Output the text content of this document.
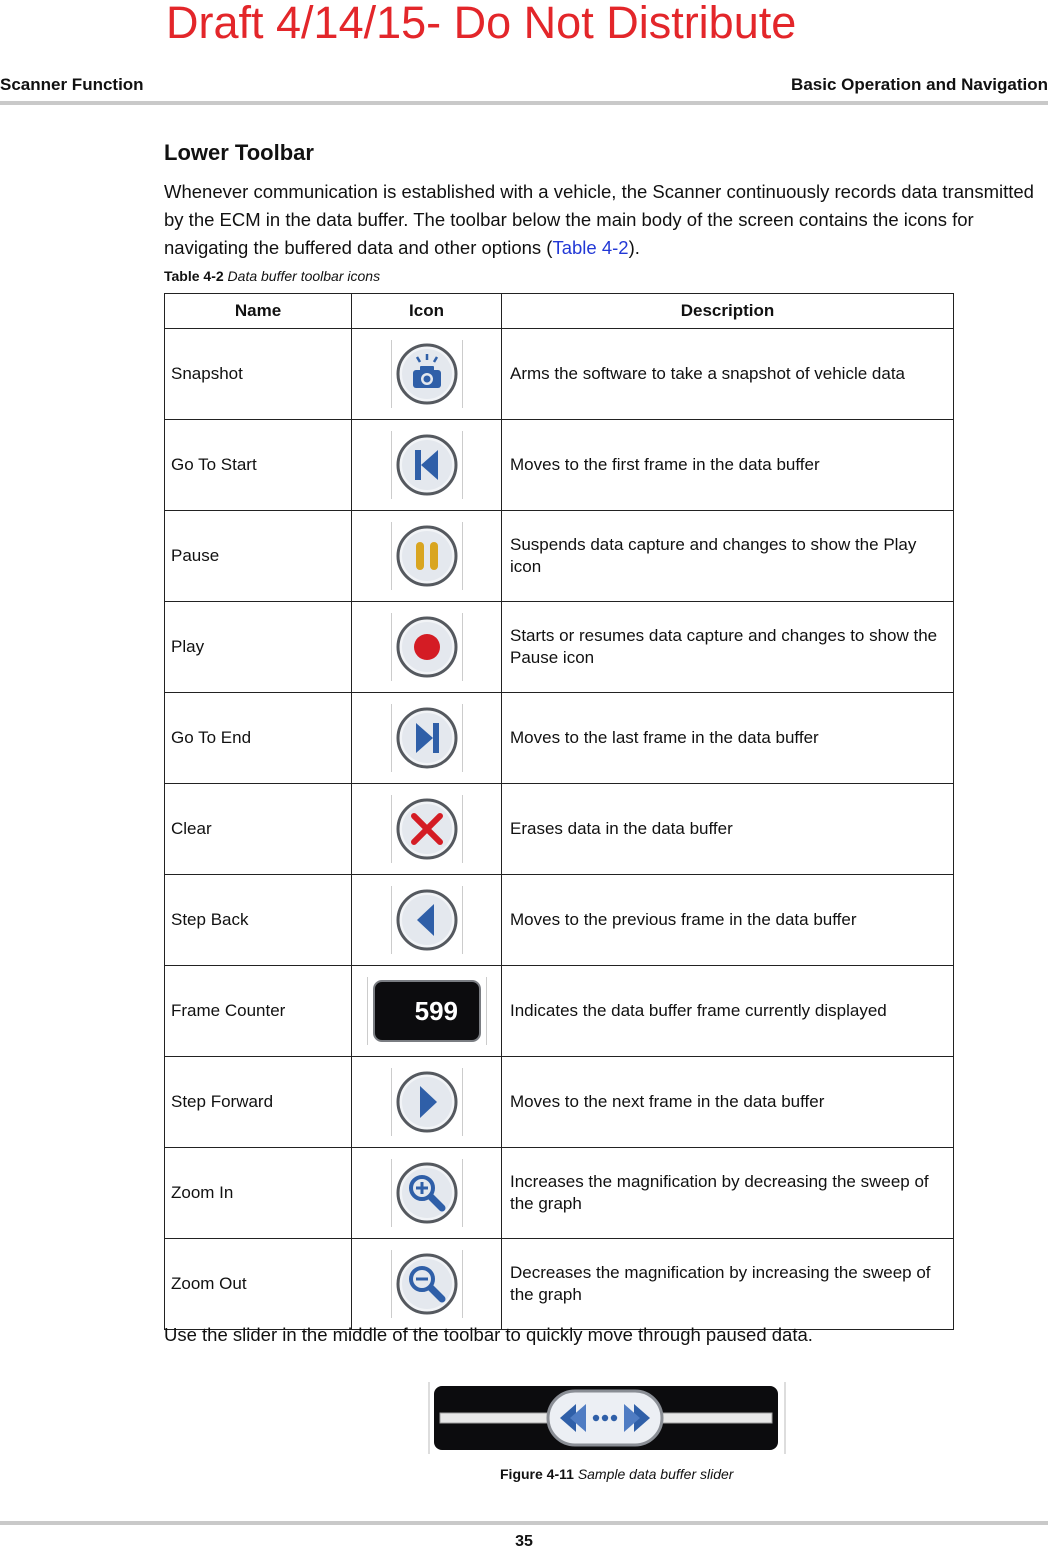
Draft 4/14/15- Do Not Distribute
Scanner Function	Basic Operation and Navigation
Lower Toolbar

Whenever communication is established with a vehicle, the Scanner continuously records data transmitted by the ECM in the data buffer. The toolbar below the main body of the screen contains the icons for navigating the buffered data and other options (Table 4-2).

Table 4-2 Data buffer toolbar icons
Name	Icon	Description
Snapshot		Arms the software to take a snapshot of vehicle data
Go To Start		Moves to the first frame in the data buffer
Pause		Suspends data capture and changes to show the Play icon
Play		Starts or resumes data capture and changes to show the Pause icon
Go To End		Moves to the last frame in the data buffer
Clear		Erases data in the data buffer
Step Back		Moves to the previous frame in the data buffer
Frame Counter	599	Indicates the data buffer frame currently displayed
Step Forward		Moves to the next frame in the data buffer
Zoom In		Increases the magnification by decreasing the sweep of the graph
Zoom Out		Decreases the magnification by increasing the sweep of the graph
Use the slider in the middle of the toolbar to quickly move through paused data.
Figure 4-11 Sample data buffer slider
35
